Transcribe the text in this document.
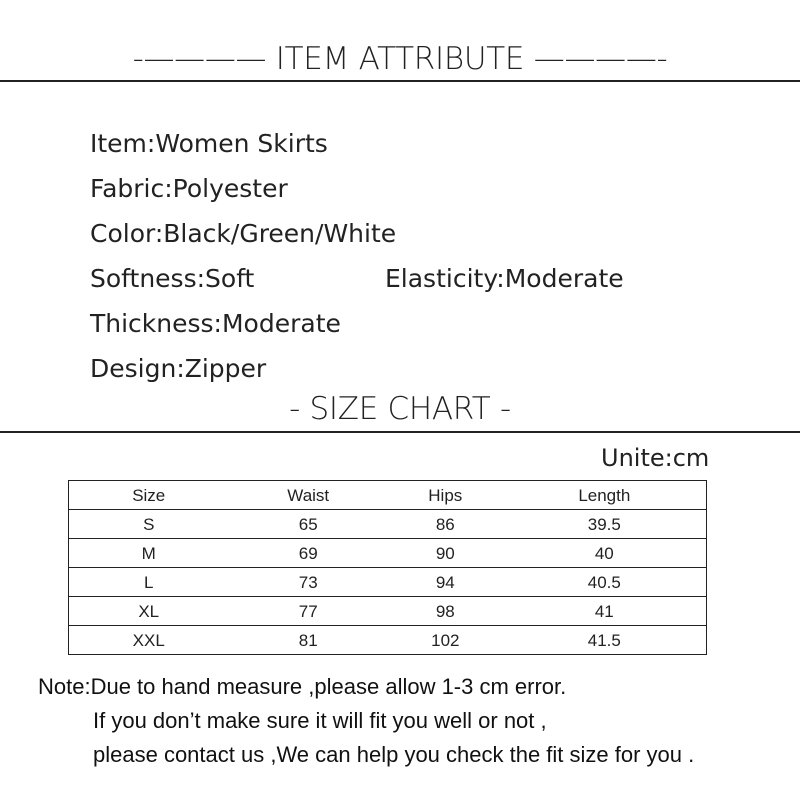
-———— ITEM ATTRIBUTE ————-
Item:Women Skirts
Fabric:Polyester
Color:Black/Green/White
Softness:Soft	Elasticity:Moderate
Thickness:Moderate
Design:Zipper
- SIZE CHART -
Unite:cm
Size	Waist	Hips	Length
S	65	86	39.5
M	69	90	40
L	73	94	40.5
XL	77	98	41
XXL	81	102	41.5
Note:Due to hand measure ,please allow 1-3 cm error.
If you don’t make sure it will fit you well or not ,
please contact us ,We can help you check the fit size for you .
